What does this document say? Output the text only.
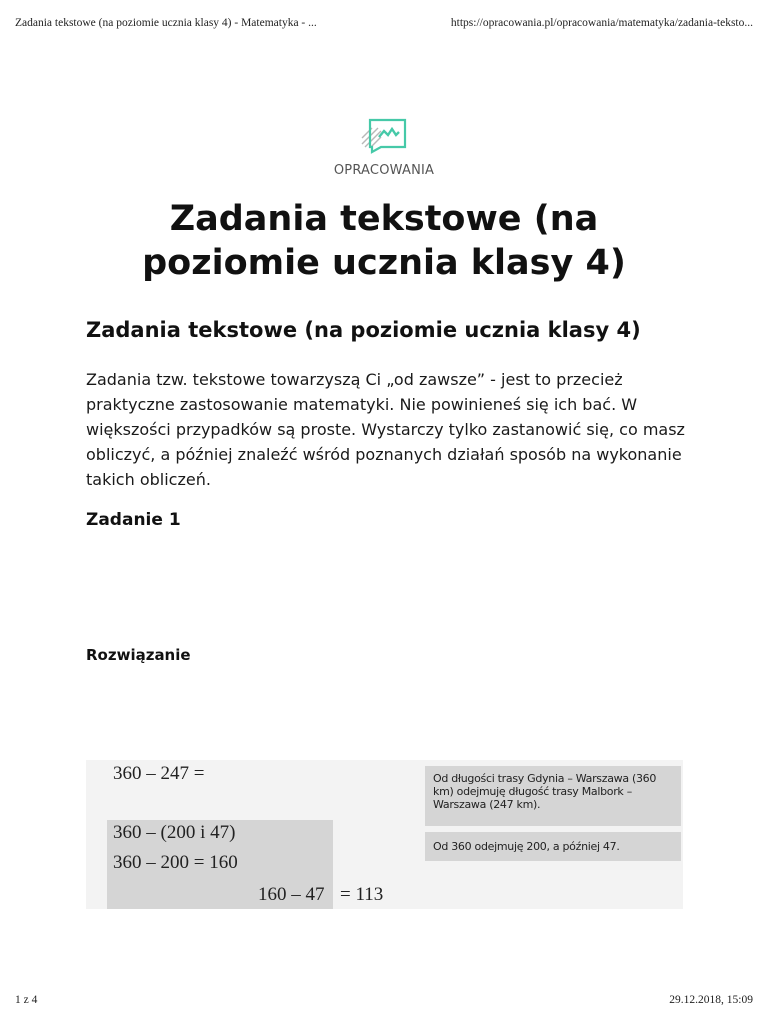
Zadania tekstowe (na poziomie ucznia klasy 4) - Matematyka - ...	https://opracowania.pl/opracowania/matematyka/zadania-teksto...
OPRACOWANIA
Zadania tekstowe (na poziomie ucznia klasy 4)
Zadania tekstowe (na poziomie ucznia klasy 4)

Zadania tzw. tekstowe towarzyszą Ci „od zawsze” - jest to przecież praktyczne zastosowanie matematyki. Nie powinieneś się ich bać. W większości przypadków są proste. Wystarczy tylko zastanowić się, co masz obliczyć, a później znaleźć wśród poznanych działań sposób na wykonanie takich obliczeń.

Zadanie 1
Rozwiązanie
360 – 247 =
360 – (200 i 47)
360 – 200 = 160
160 – 47 = 113
Od długości trasy Gdynia – Warszawa (360 km) odejmuję długość trasy Malbork – Warszawa (247 km).
Od 360 odejmuję 200, a później 47.
1 z 4	29.12.2018, 15:09
